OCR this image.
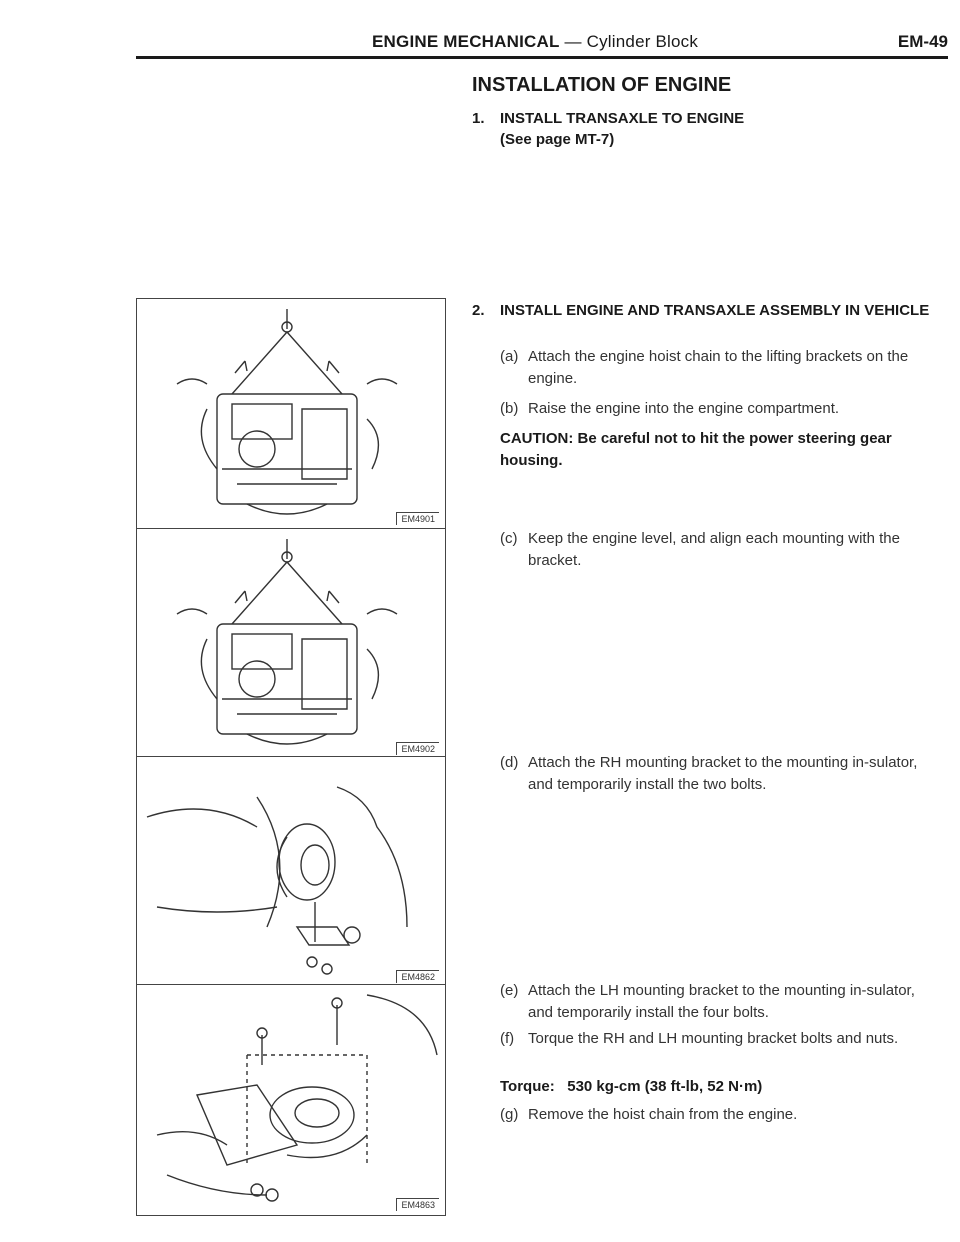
ENGINE MECHANICAL — Cylinder Block	EM-49
INSTALLATION OF ENGINE
1. INSTALL TRANSAXLE TO ENGINE
(See page MT-7)
2. INSTALL ENGINE AND TRANSAXLE ASSEMBLY IN VEHICLE
(a) Attach the engine hoist chain to the lifting brackets on the engine.
(b) Raise the engine into the engine compartment.
CAUTION: Be careful not to hit the power steering gear housing.
(c) Keep the engine level, and align each mounting with the bracket.
(d) Attach the RH mounting bracket to the mounting in-sulator, and temporarily install the two bolts.
(e) Attach the LH mounting bracket to the mounting in-sulator, and temporarily install the four bolts.
(f) Torque the RH and LH mounting bracket bolts and nuts.
Torque: 530 kg-cm (38 ft-lb, 52 N·m)
(g) Remove the hoist chain from the engine.
EM4901
EM4902
EM4862
EM4863
